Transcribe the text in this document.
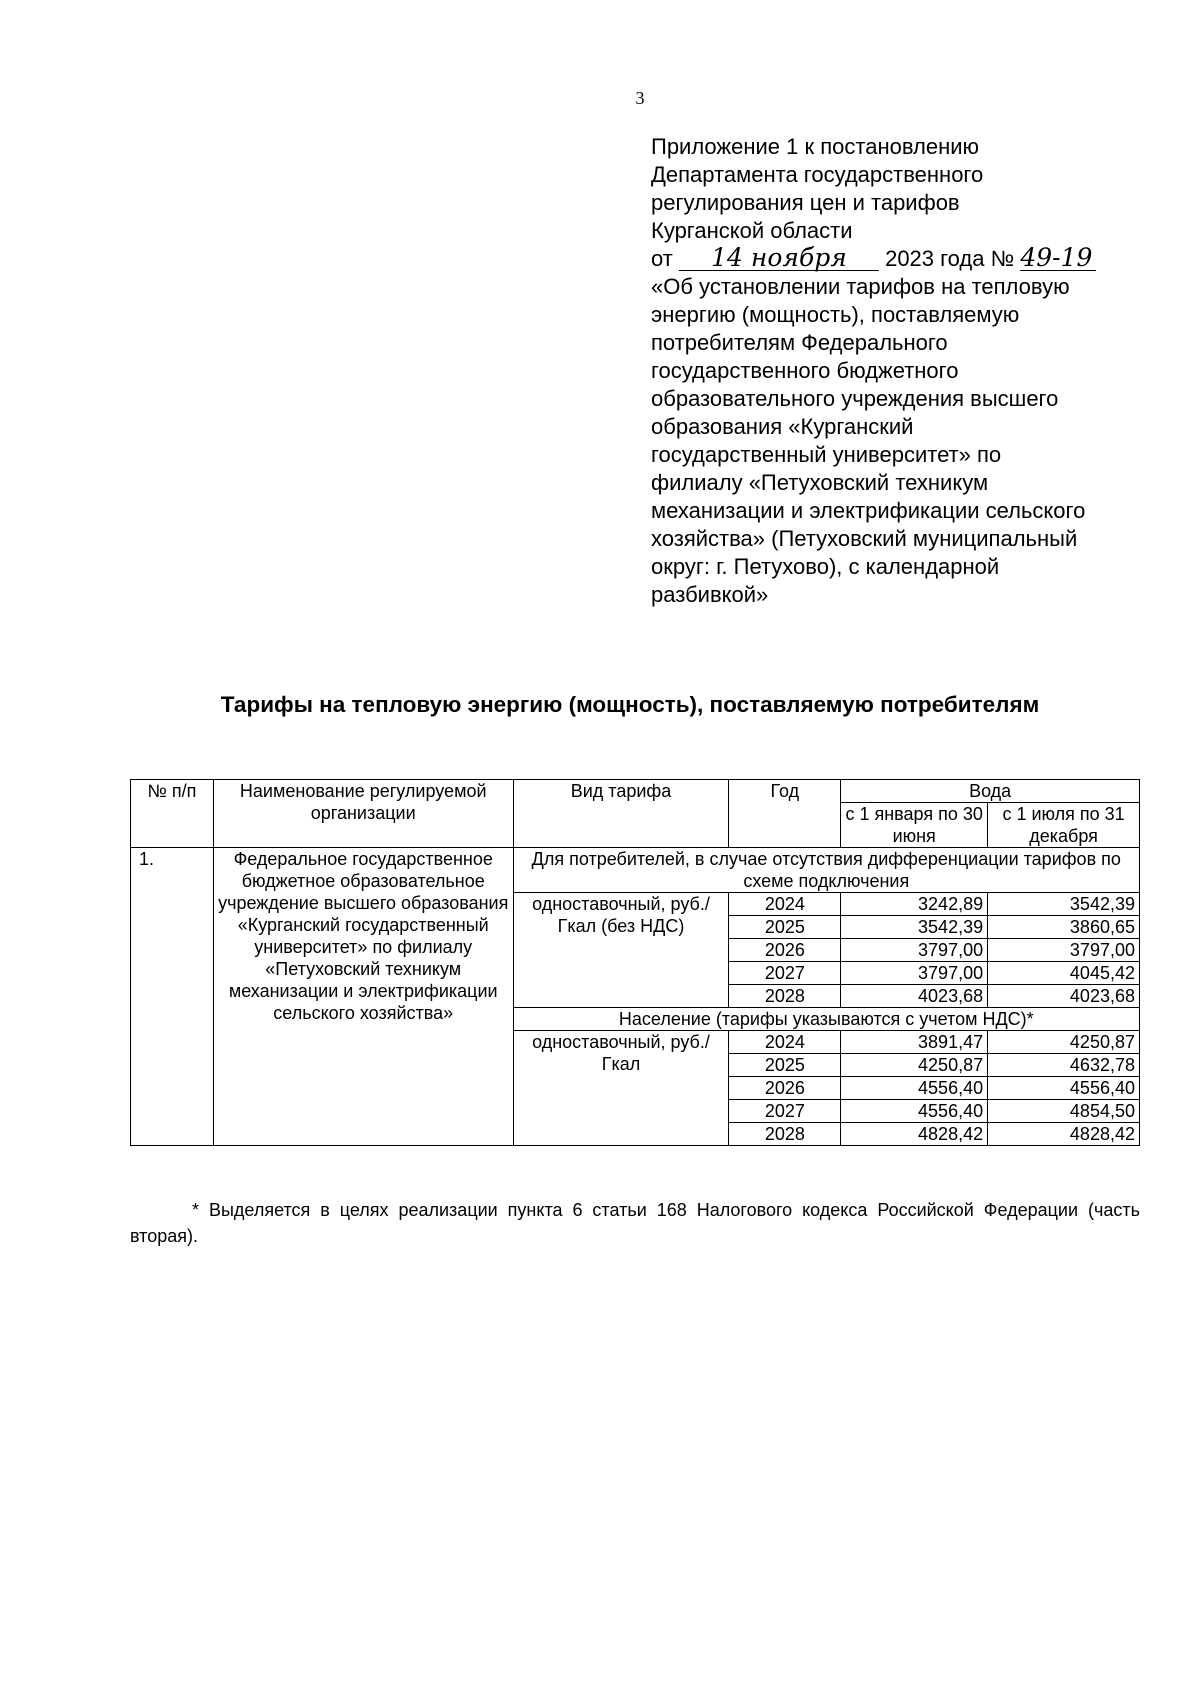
3
Приложение 1 к постановлению
Департамента государственного
регулирования цен и тарифов
Курганской области
от 14 ноября 2023 года № 49-19
«Об установлении тарифов на тепловую
энергию (мощность), поставляемую
потребителям Федерального
государственного бюджетного
образовательного учреждения высшего
образования «Курганский
государственный университет» по
филиалу «Петуховский техникум
механизации и электрификации сельского
хозяйства» (Петуховский муниципальный
округ: г. Петухово), с календарной
разбивкой»
Тарифы на тепловую энергию (мощность), поставляемую потребителям
№ п/п	Наименование регулируемой организации	Вид тарифа	Год	Вода	
				с 1 января по 30 июня	с 1 июля по 31 декабря
1.	Федеральное государственное бюджетное образовательное учреждение высшего образования «Курганский государственный университет» по филиалу «Петуховский техникум механизации и электрификации сельского хозяйства»	Для потребителей, в случае отсутствия дифференциации тарифов по схеме подключения			
		одноставочный, руб./Гкал (без НДС)	2024	3242,89	3542,39
			2025	3542,39	3860,65
			2026	3797,00	3797,00
			2027	3797,00	4045,42
			2028	4023,68	4023,68
		Население (тарифы указываются с учетом НДС)*			
		одноставочный, руб./Гкал	2024	3891,47	4250,87
			2025	4250,87	4632,78
			2026	4556,40	4556,40
			2027	4556,40	4854,50
			2028	4828,42	4828,42
* Выделяется в целях реализации пункта 6 статьи 168 Налогового кодекса Российской Федерации (часть вторая).
